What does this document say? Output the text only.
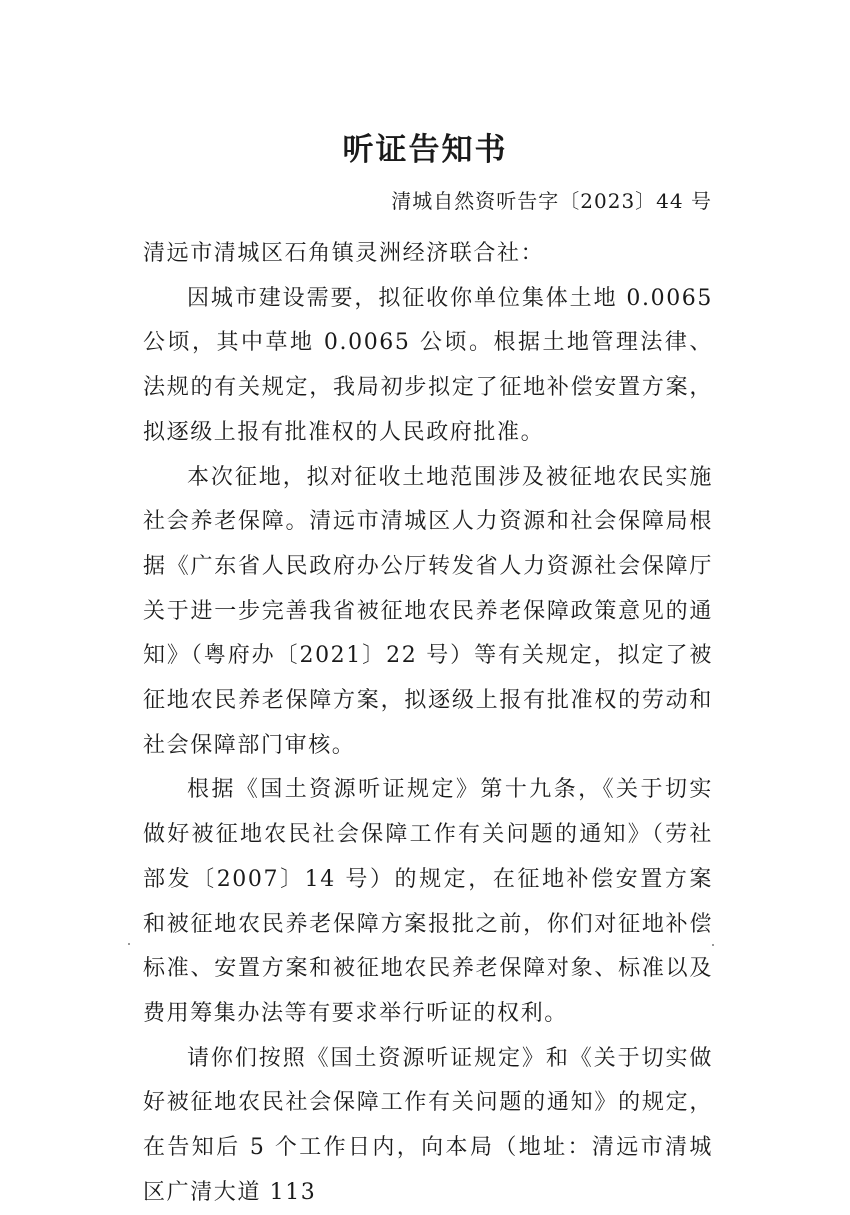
听证告知书
清城自然资听告字〔2023〕44 号

清远市清城区石角镇灵洲经济联合社：

因城市建设需要，拟征收你单位集体土地 0.0065 公顷，其中草地 0.0065 公顷。根据土地管理法律、法规的有关规定，我局初步拟定了征地补偿安置方案，拟逐级上报有批准权的人民政府批准。

本次征地，拟对征收土地范围涉及被征地农民实施社会养老保障。清远市清城区人力资源和社会保障局根据《广东省人民政府办公厅转发省人力资源社会保障厅关于进一步完善我省被征地农民养老保障政策意见的通知》（粤府办〔2021〕22 号）等有关规定，拟定了被征地农民养老保障方案，拟逐级上报有批准权的劳动和社会保障部门审核。

根据《国土资源听证规定》第十九条，《关于切实做好被征地农民社会保障工作有关问题的通知》（劳社部发〔2007〕14 号）的规定，在征地补偿安置方案和被征地农民养老保障方案报批之前，你们对征地补偿标准、安置方案和被征地农民养老保障对象、标准以及费用筹集办法等有要求举行听证的权利。

请你们按照《国土资源听证规定》和《关于切实做好被征地农民社会保障工作有关问题的通知》的规定，在告知后 5 个工作日内，向本局（地址：清远市清城区广清大道 113
